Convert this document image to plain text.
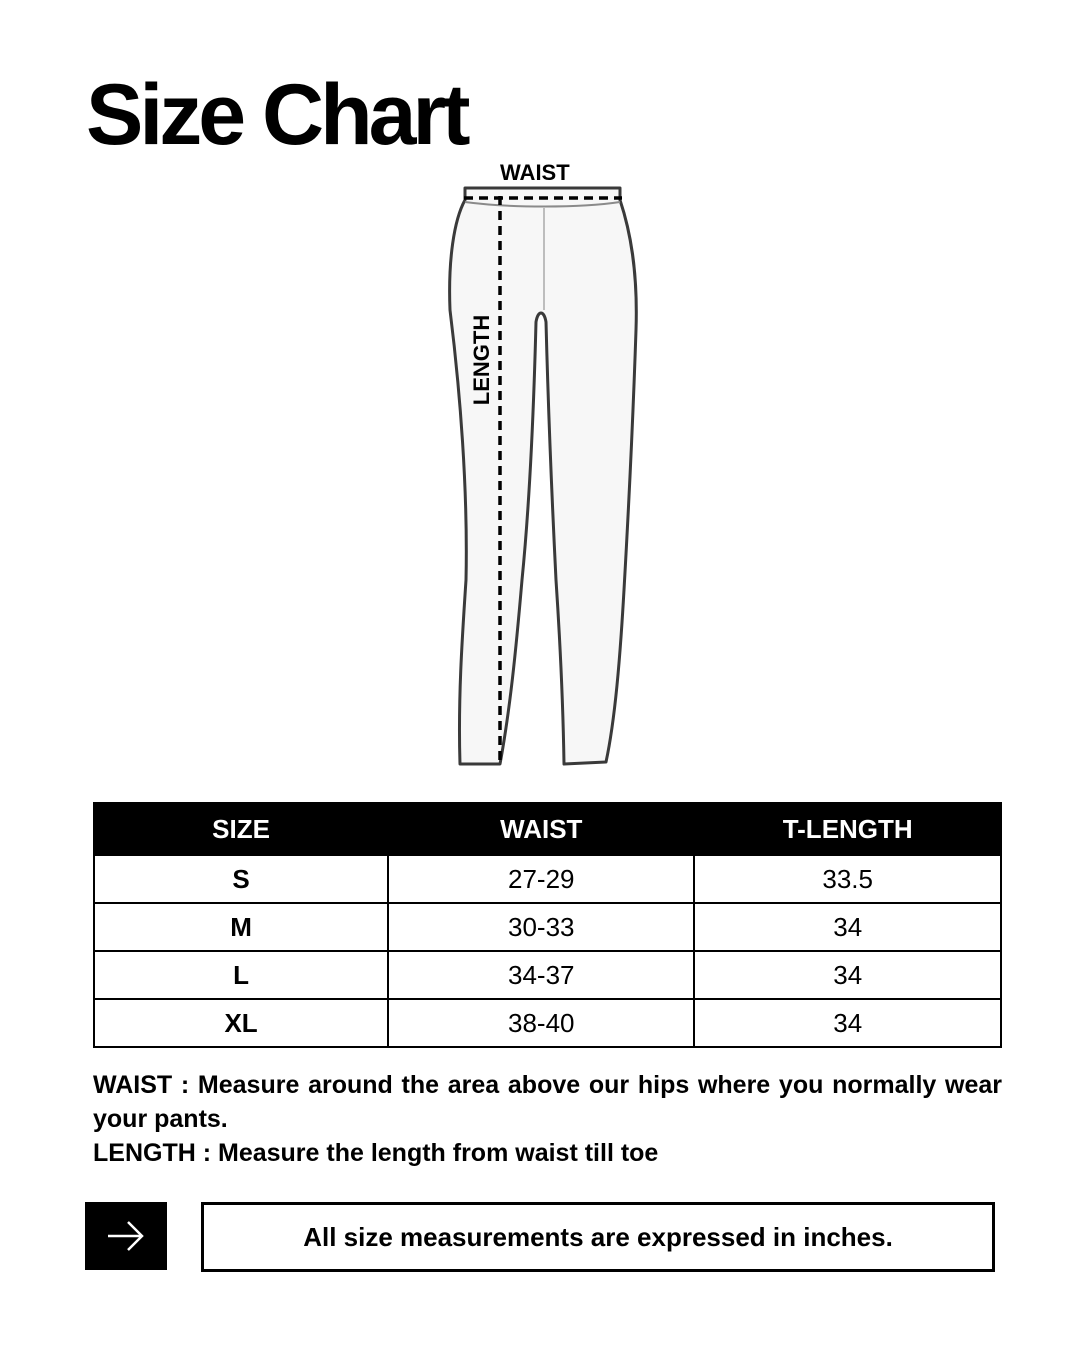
Size Chart
WAIST
LENGTH
SIZE	WAIST	T-LENGTH
S	27-29	33.5
M	30-33	34
L	34-37	34
XL	38-40	34
WAIST : Measure around the area above our hips where you normally wear your pants.
LENGTH : Measure the length from waist till toe
All size measurements are expressed in inches.
